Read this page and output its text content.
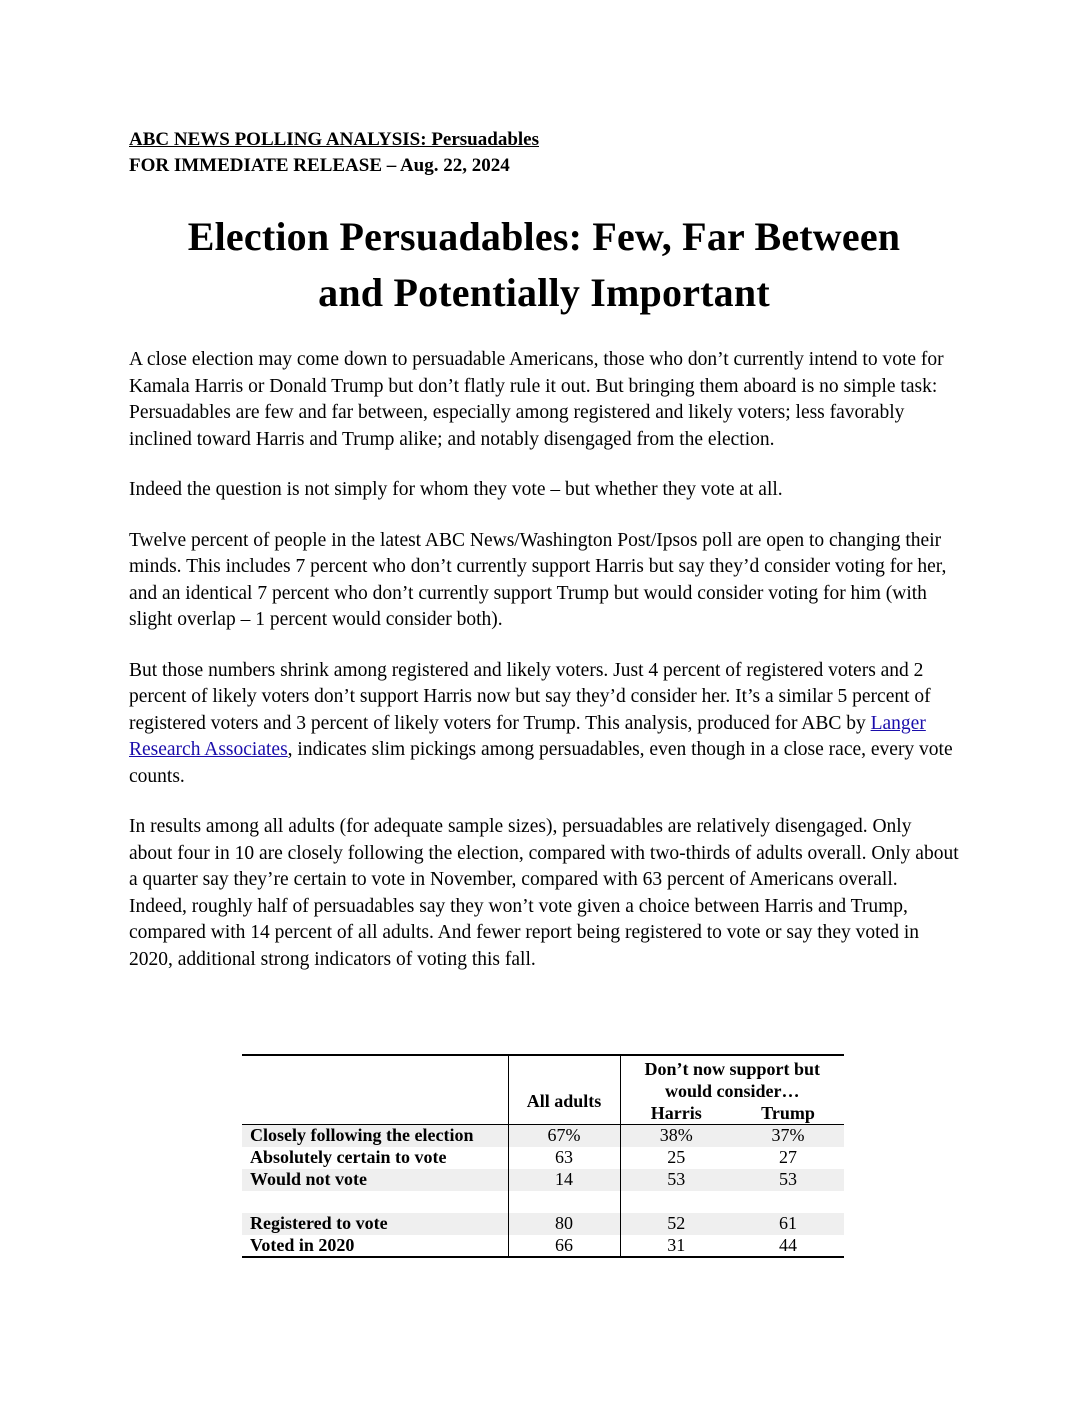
ABC NEWS POLLING ANALYSIS: Persuadables
FOR IMMEDIATE RELEASE – Aug. 22, 2024
Election Persuadables: Few, Far Between
and Potentially Important

A close election may come down to persuadable Americans, those who don’t currently intend to vote for Kamala Harris or Donald Trump but don’t flatly rule it out. But bringing them aboard is no simple task: Persuadables are few and far between, especially among registered and likely voters; less favorably inclined toward Harris and Trump alike; and notably disengaged from the election.

Indeed the question is not simply for whom they vote – but whether they vote at all.

Twelve percent of people in the latest ABC News/Washington Post/Ipsos poll are open to changing their minds. This includes 7 percent who don’t currently support Harris but say they’d consider voting for her, and an identical 7 percent who don’t currently support Trump but would consider voting for him (with slight overlap – 1 percent would consider both).

But those numbers shrink among registered and likely voters. Just 4 percent of registered voters and 2 percent of likely voters don’t support Harris now but say they’d consider her. It’s a similar 5 percent of registered voters and 3 percent of likely voters for Trump. This analysis, produced for ABC by Langer Research Associates, indicates slim pickings among persuadables, even though in a close race, every vote counts.

In results among all adults (for adequate sample sizes), persuadables are relatively disengaged. Only about four in 10 are closely following the election, compared with two-thirds of adults overall. Only about a quarter say they’re certain to vote in November, compared with 63 percent of Americans overall. Indeed, roughly half of persuadables say they won’t vote given a choice between Harris and Trump, compared with 14 percent of all adults. And fewer report being registered to vote or say they voted in 2020, additional strong indicators of voting this fall.

	All adults	Don’t now support but would consider…	
		Harris	Trump
Closely following the election	67%	38%	37%
Absolutely certain to vote	63	25	27
Would not vote	14	53	53

Registered to vote	80	52	61
Voted in 2020	66	31	44
